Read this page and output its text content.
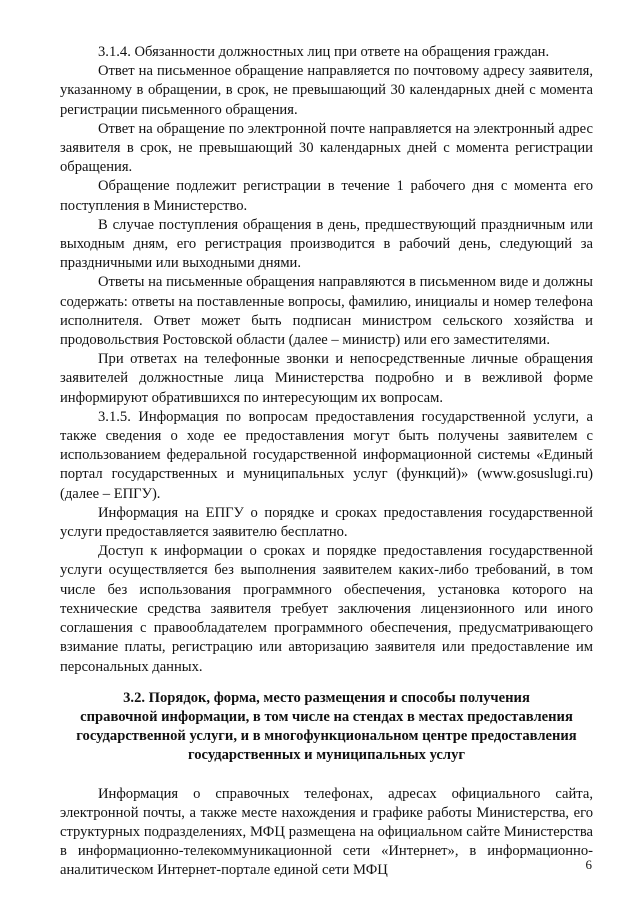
3.1.4. Обязанности должностных лиц при ответе на обращения граждан.

Ответ на письменное обращение направляется по почтовому адресу заявителя, указанному в обращении, в срок, не превышающий 30 календарных дней с момента регистрации письменного обращения.

Ответ на обращение по электронной почте направляется на электронный адрес заявителя в срок, не превышающий 30 календарных дней с момента регистрации обращения.

Обращение подлежит регистрации в течение 1 рабочего дня с момента его поступления в Министерство.

В случае поступления обращения в день, предшествующий праздничным или выходным дням, его регистрация производится в рабочий день, следующий за праздничными или выходными днями.

Ответы на письменные обращения направляются в письменном виде и должны содержать: ответы на поставленные вопросы, фамилию, инициалы и номер телефона исполнителя. Ответ может быть подписан министром сельского хозяйства и продовольствия Ростовской области (далее – министр) или его заместителями.

При ответах на телефонные звонки и непосредственные личные обращения заявителей должностные лица Министерства подробно и в вежливой форме информируют обратившихся по интересующим их вопросам.

3.1.5. Информация по вопросам предоставления государственной услуги, а также сведения о ходе ее предоставления могут быть получены заявителем с использованием федеральной государственной информационной системы «Единый портал государственных и муниципальных услуг (функций)» (www.gosuslugi.ru) (далее – ЕПГУ).

Информация на ЕПГУ о порядке и сроках предоставления государственной услуги предоставляется заявителю бесплатно.

Доступ к информации о сроках и порядке предоставления государственной услуги осуществляется без выполнения заявителем каких-либо требований, в том числе без использования программного обеспечения, установка которого на технические средства заявителя требует заключения лицензионного или иного соглашения с правообладателем программного обеспечения, предусматривающего взимание платы, регистрацию или авторизацию заявителя или предоставление им персональных данных.

3.2. Порядок, форма, место размещения и способы получения
справочной информации, в том числе на стендах в местах предоставления
государственной услуги, и в многофункциональном центре предоставления
государственных и муниципальных услуг

Информация о справочных телефонах, адресах официального сайта, электронной почты, а также месте нахождения и графике работы Министерства, его структурных подразделениях, МФЦ размещена на официальном сайте Министерства в информационно-телекоммуникационной сети «Интернет», в информационно-аналитическом Интернет-портале единой сети МФЦ	6
